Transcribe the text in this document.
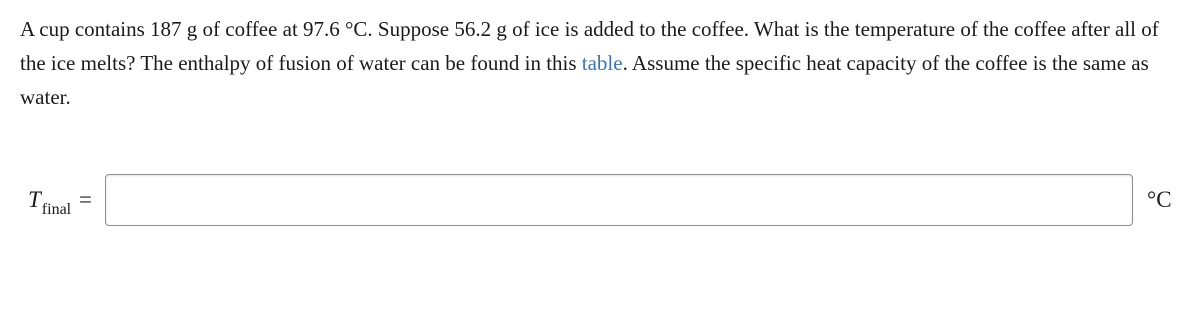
A cup contains 187 g of coffee at 97.6 °C. Suppose 56.2 g of ice is added to the coffee. What is the temperature of the coffee after all of the ice melts? The enthalpy of fusion of water can be found in this table. Assume the specific heat capacity of the coffee is the same as water.

$T_{final}$ =	°C
